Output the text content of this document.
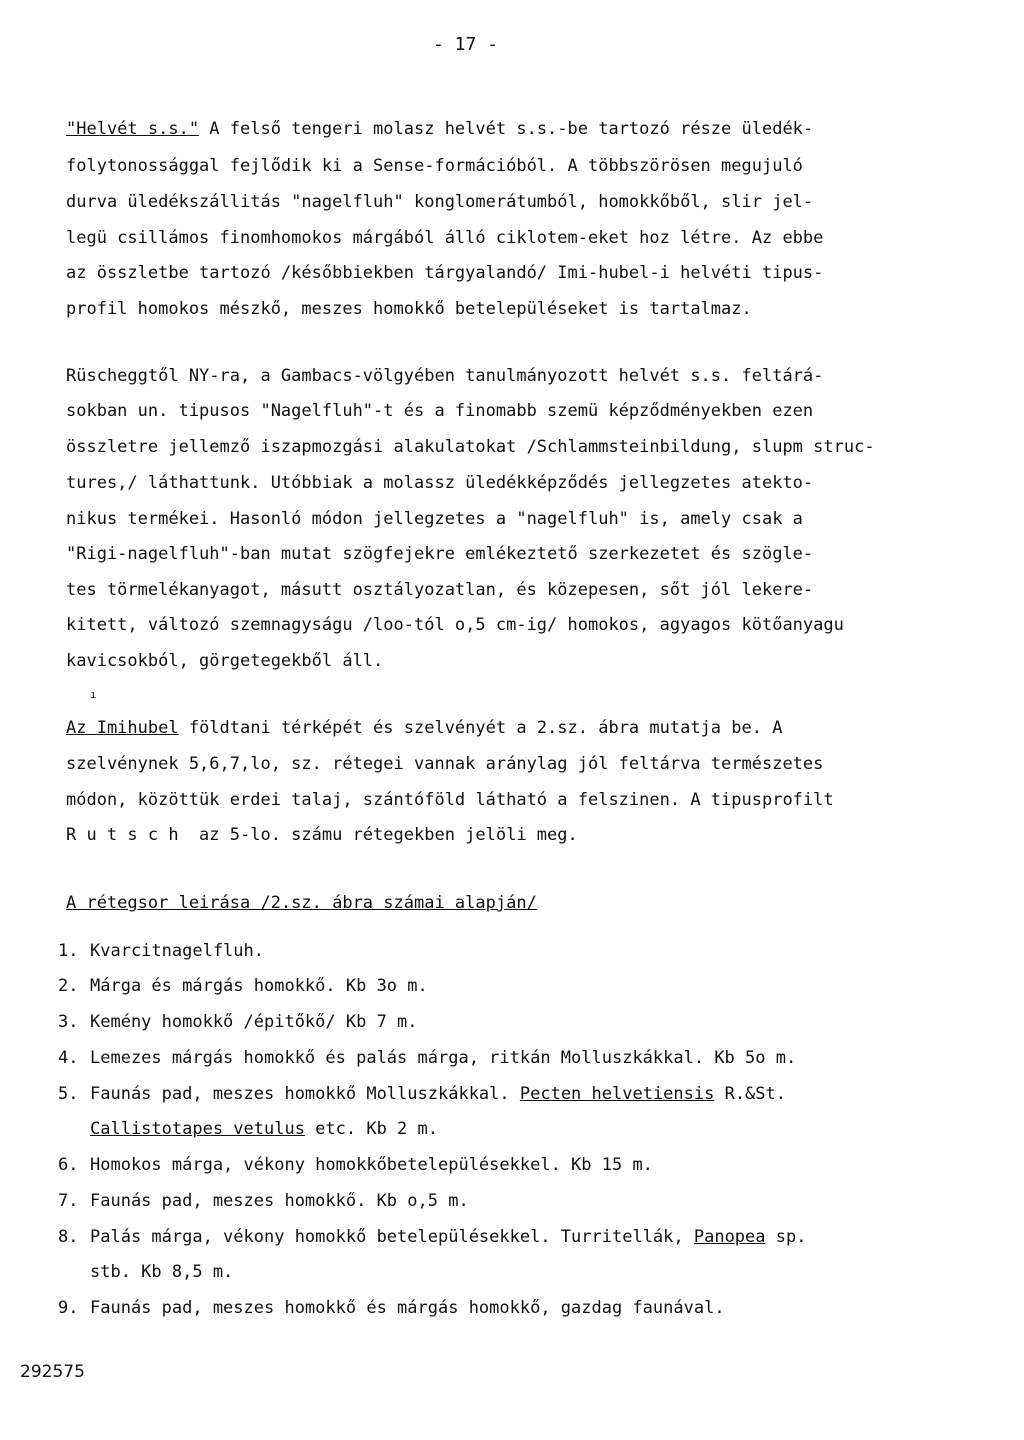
- 17 -
"Helvét s.s." A felső tengeri molasz helvét s.s.-be tartozó része üledék-
folytonossággal fejlődik ki a Sense-formációból. A többszörösen megujuló
durva üledékszállitás "nagelfluh" konglomerátumból, homokkőből, slir jel-
legü csillámos finomhomokos márgából álló ciklotem-eket hoz létre. Az ebbe
az összletbe tartozó /későbbiekben tárgyalandó/ Imi-hubel-i helvéti tipus-
profil homokos mészkő, meszes homokkő betelepüléseket is tartalmaz.
Rüscheggtől NY-ra, a Gambacs-völgyében tanulmányozott helvét s.s. feltárá-
sokban un. tipusos "Nagelfluh"-t és a finomabb szemü képződményekben ezen
összletre jellemző iszapmozgási alakulatokat /Schlammsteinbildung, slupm struc-
tures,/ láthattunk. Utóbbiak a molassz üledékképződés jellegzetes atekto-
nikus termékei. Hasonló módon jellegzetes a "nagelfluh" is, amely csak a
"Rigi-nagelfluh"-ban mutat szögfejekre emlékeztető szerkezetet és szögle-
tes törmelékanyagot, másutt osztályozatlan, és közepesen, sőt jól lekere-
kitett, változó szemnagyságu /loo-tól o,5 cm-ig/ homokos, agyagos kötőanyagu
kavicsokból, görgetegekből áll.
ı
Az Imihubel földtani térképét és szelvényét a 2.sz. ábra mutatja be. A
szelvénynek 5,6,7,lo, sz. rétegei vannak aránylag jól feltárva természetes
módon, közöttük erdei talaj, szántóföld látható a felszinen. A tipusprofilt
R u t s c h  az 5-lo. számu rétegekben jelöli meg.
A rétegsor leirása /2.sz. ábra számai alapján/
1. Kvarcitnagelfluh.
2. Márga és márgás homokkő. Kb 3o m.
3. Kemény homokkő /épitőkő/ Kb 7 m.
4. Lemezes márgás homokkő és palás márga, ritkán Molluszkákkal. Kb 5o m.
5. Faunás pad, meszes homokkő Molluszkákkal. Pecten helvetiensis R.&St.
Callistotapes vetulus etc. Kb 2 m.
6. Homokos márga, vékony homokkőbetelepülésekkel. Kb 15 m.
7. Faunás pad, meszes homokkő. Kb o,5 m.
8. Palás márga, vékony homokkő betelepülésekkel. Turritellák, Panopea sp.
stb. Kb 8,5 m.
9. Faunás pad, meszes homokkő és márgás homokkő, gazdag faunával.
292575
